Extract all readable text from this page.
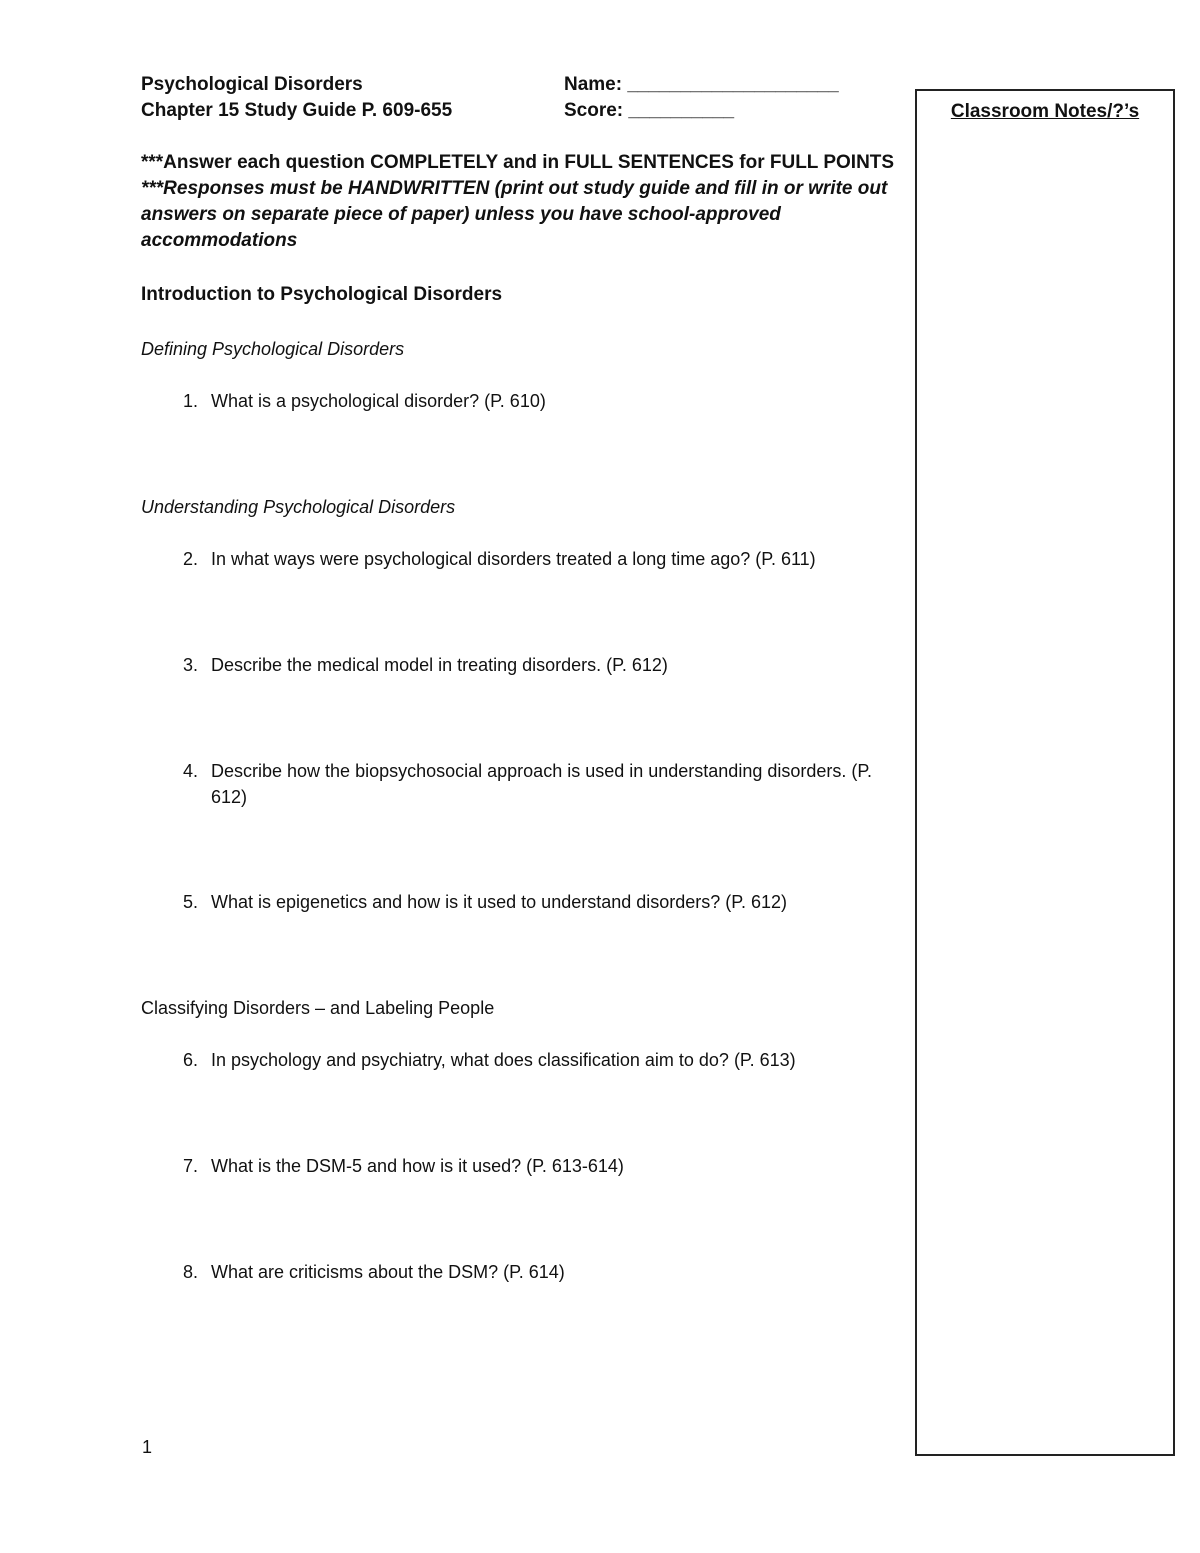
Psychological Disorders
Chapter 15 Study Guide P. 609-655
Name: ____________________
Score: __________

***Answer each question COMPLETELY and in FULL SENTENCES for FULL POINTS

***Responses must be HANDWRITTEN (print out study guide and fill in or write out answers on separate piece of paper) unless you have school-approved accommodations

Introduction to Psychological Disorders
Defining Psychological Disorders
1. What is a psychological disorder? (P. 610)
Understanding Psychological Disorders
2. In what ways were psychological disorders treated a long time ago? (P. 611)
3. Describe the medical model in treating disorders. (P. 612)
4. Describe how the biopsychosocial approach is used in understanding disorders. (P. 612)
5. What is epigenetics and how is it used to understand disorders? (P. 612)
Classifying Disorders – and Labeling People
6. In psychology and psychiatry, what does classification aim to do? (P. 613)
7. What is the DSM-5 and how is it used? (P. 613-614)
8. What are criticisms about the DSM? (P. 614)
Classroom Notes/?’s
1
